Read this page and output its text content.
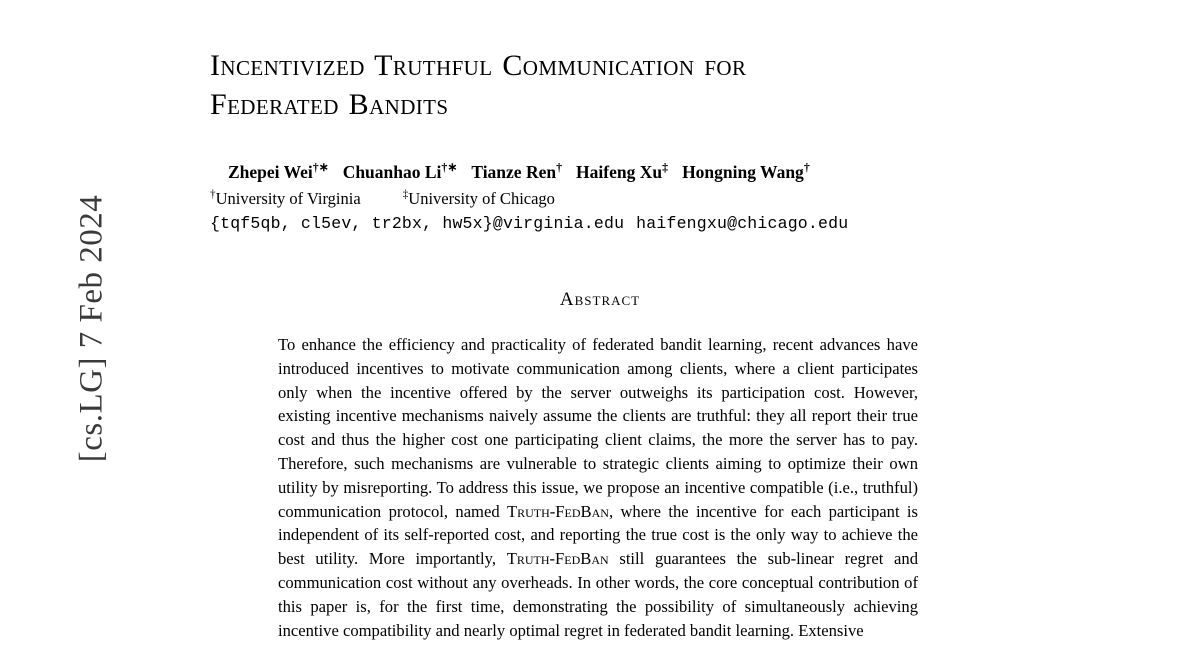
[cs.LG] 7 Feb 2024
Incentivized Truthful Communication for
Federated Bandits
Zhepei Wei†∗ Chuanhao Li†∗ Tianze Ren† Haifeng Xu‡ Hongning Wang†
†University of Virginia	‡University of Chicago
{tqf5qb, cl5ev, tr2bx, hw5x}@virginia.edu haifengxu@chicago.edu
Abstract
To enhance the efficiency and practicality of federated bandit learning, recent advances have introduced incentives to motivate communication among clients, where a client participates only when the incentive offered by the server outweighs its participation cost. However, existing incentive mechanisms naively assume the clients are truthful: they all report their true cost and thus the higher cost one participating client claims, the more the server has to pay. Therefore, such mechanisms are vulnerable to strategic clients aiming to optimize their own utility by misreporting. To address this issue, we propose an incentive compatible (i.e., truthful) communication protocol, named Truth-FedBan, where the incentive for each participant is independent of its self-reported cost, and reporting the true cost is the only way to achieve the best utility. More importantly, Truth-FedBan still guarantees the sub-linear regret and communication cost without any overheads. In other words, the core conceptual contribution of this paper is, for the first time, demonstrating the possibility of simultaneously achieving incentive compatibility and nearly optimal regret in federated bandit learning. Extensive
